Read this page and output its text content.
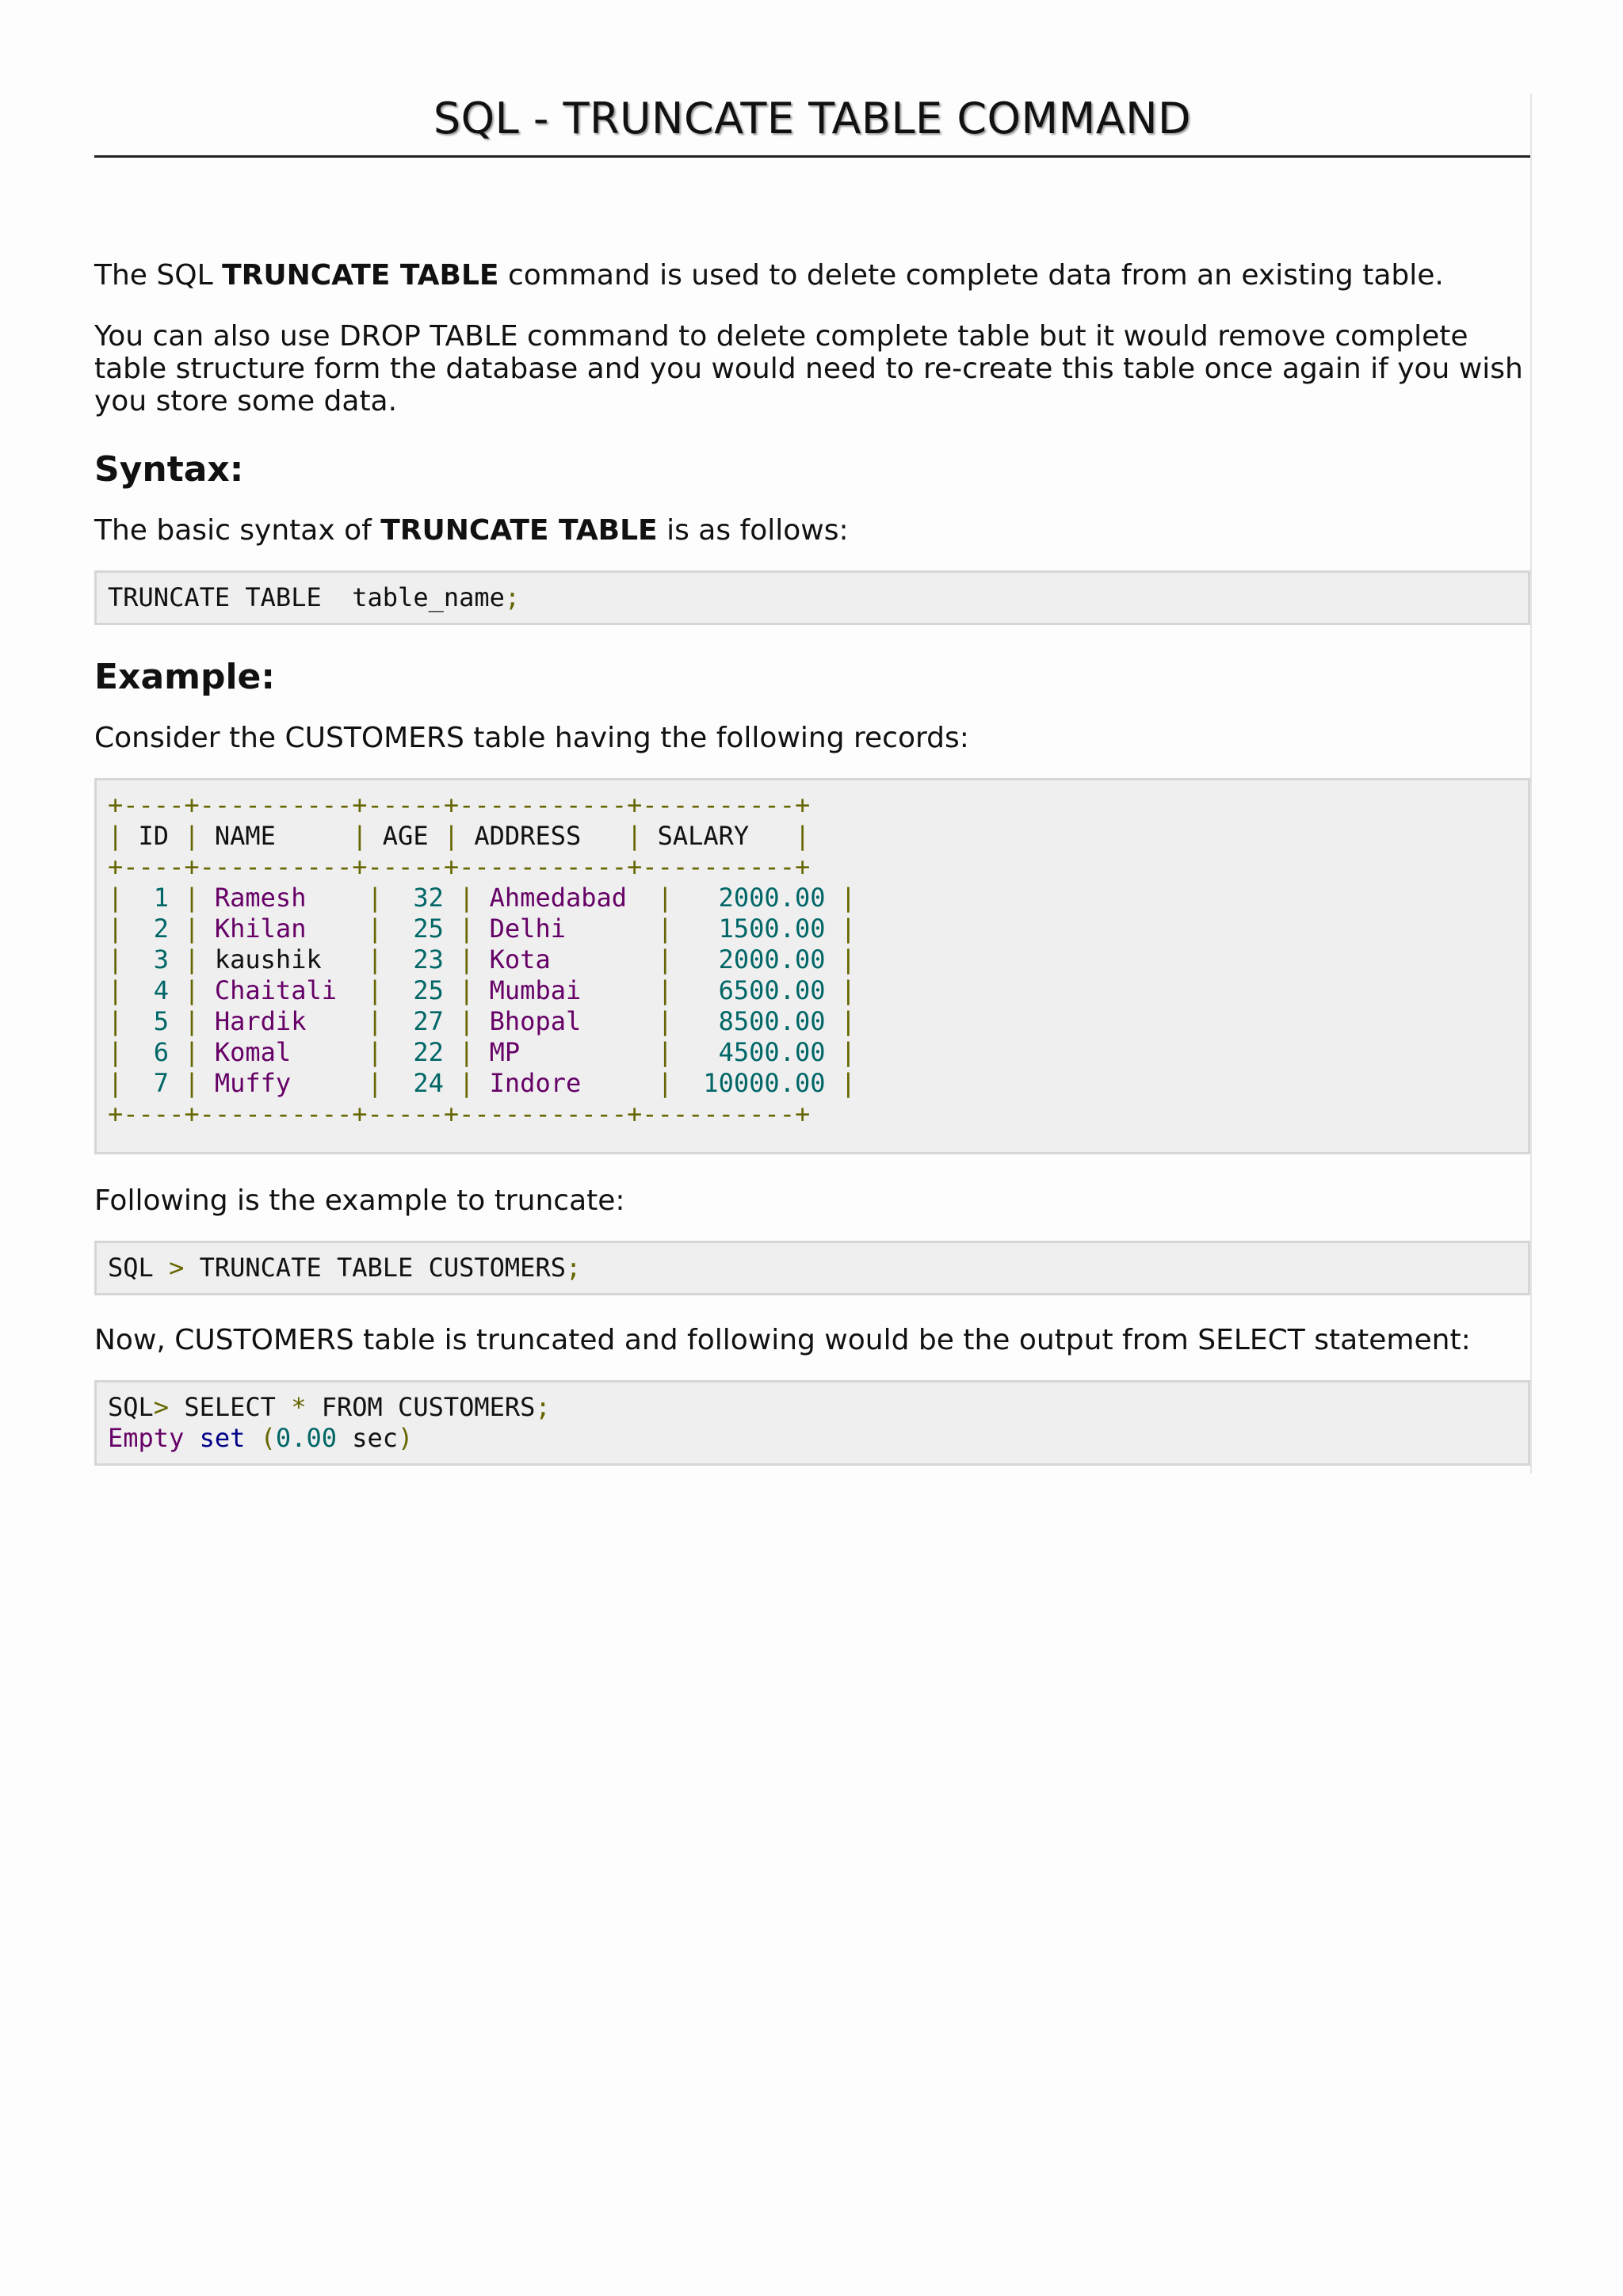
SQL - TRUNCATE TABLE COMMAND

The SQL TRUNCATE TABLE command is used to delete complete data from an existing table.

You can also use DROP TABLE command to delete complete table but it would remove complete table structure form the database and you would need to re-create this table once again if you wish you store some data.

Syntax:

The basic syntax of TRUNCATE TABLE is as follows:

TRUNCATE TABLE  table_name;
Example:

Consider the CUSTOMERS table having the following records:

+----+----------+-----+-----------+----------+
| ID | NAME     | AGE | ADDRESS   | SALARY   |
+----+----------+-----+-----------+----------+
| 1 | Ramesh | 32 | Ahmedabad | 2000.00 |
| 2 | Khilan | 25 | Delhi	| 1500.00 |
| 3 | kaushik | 23 | Kota	| 2000.00 |
| 4 | Chaitali | 25 | Mumbai	| 6500.00 |
| 5 | Hardik | 27 | Bhopal	| 8500.00 |
| 6 | Komal	| 22 | MP	| 4500.00 |
| 7 | Muffy	| 24 | Indore	| 10000.00 |
+----+----------+-----+-----------+----------+

Following is the example to truncate:

SQL > TRUNCATE TABLE CUSTOMERS;

Now, CUSTOMERS table is truncated and following would be the output from SELECT statement:

SQL> SELECT * FROM CUSTOMERS;
Empty set (0.00 sec)
